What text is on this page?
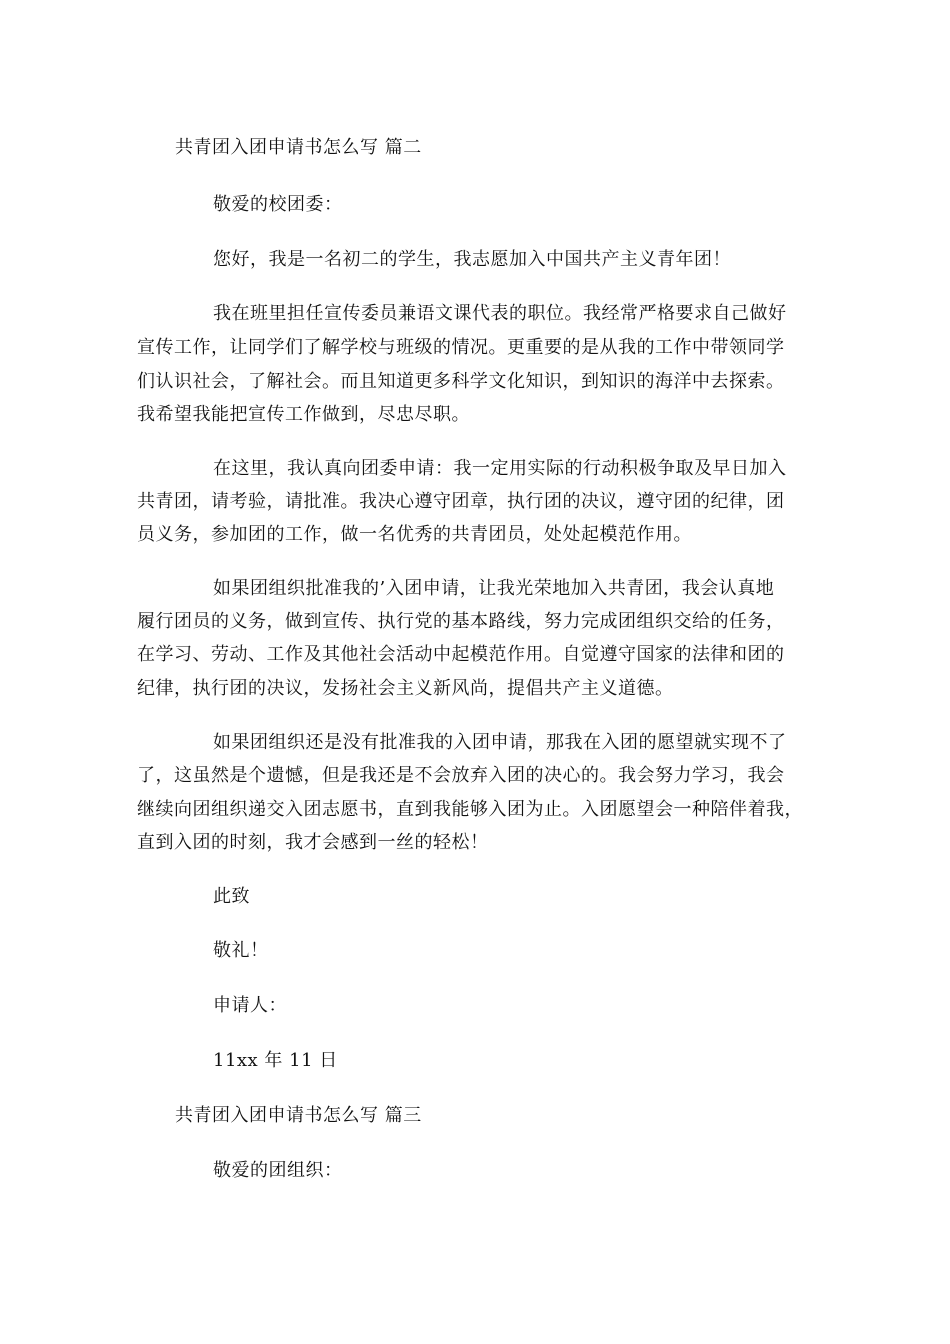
共青团入团申请书怎么写 篇二
敬爱的校团委：
您好，我是一名初二的学生，我志愿加入中国共产主义青年团！
我在班里担任宣传委员兼语文课代表的职位。我经常严格要求自己做好
宣传工作，让同学们了解学校与班级的情况。更重要的是从我的工作中带领同学
们认识社会，了解社会。而且知道更多科学文化知识，到知识的海洋中去探索。
我希望我能把宣传工作做到，尽忠尽职。
在这里，我认真向团委申请：我一定用实际的行动积极争取及早日加入
共青团，请考验，请批准。我决心遵守团章，执行团的决议，遵守团的纪律，团
员义务，参加团的工作，做一名优秀的共青团员，处处起模范作用。
如果团组织批准我的’入团申请，让我光荣地加入共青团，我会认真地
履行团员的义务，做到宣传、执行党的基本路线，努力完成团组织交给的任务，
在学习、劳动、工作及其他社会活动中起模范作用。自觉遵守国家的法律和团的
纪律，执行团的决议，发扬社会主义新风尚，提倡共产主义道德。
如果团组织还是没有批准我的入团申请，那我在入团的愿望就实现不了
了，这虽然是个遗憾，但是我还是不会放弃入团的决心的。我会努力学习，我会
继续向团组织递交入团志愿书，直到我能够入团为止。入团愿望会一种陪伴着我，
直到入团的时刻，我才会感到一丝的轻松！
此致
敬礼！
申请人：
11xx 年 11 日
共青团入团申请书怎么写 篇三
敬爱的团组织：
